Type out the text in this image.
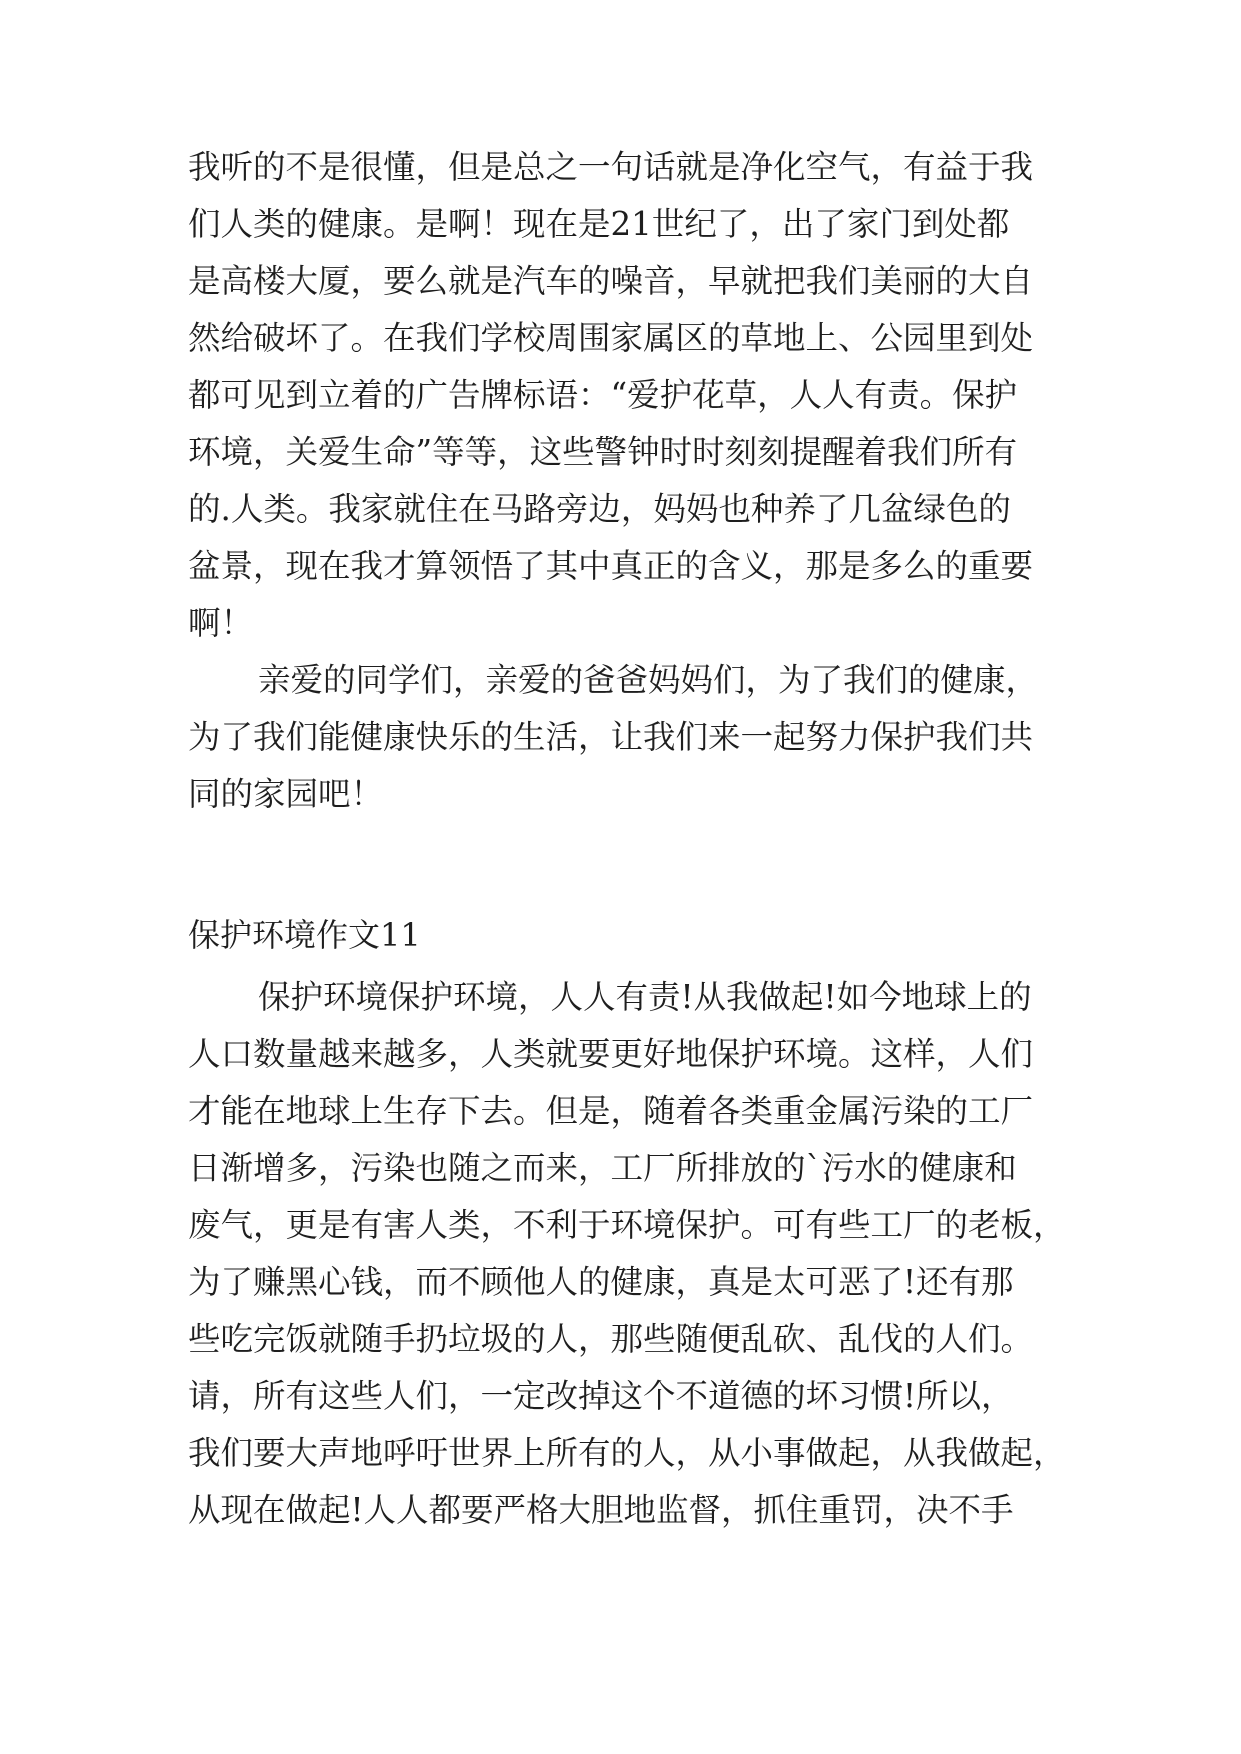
我听的不是很懂，但是总之一句话就是净化空气，有益于我
们人类的健康。是啊！现在是21世纪了，出了家门到处都
是高楼大厦，要么就是汽车的噪音，早就把我们美丽的大自
然给破坏了。在我们学校周围家属区的草地上、公园里到处
都可见到立着的广告牌标语：“爱护花草，人人有责。保护
环境，关爱生命”等等，这些警钟时时刻刻提醒着我们所有
的.人类。我家就住在马路旁边，妈妈也种养了几盆绿色的
盆景，现在我才算领悟了其中真正的含义，那是多么的重要
啊！
亲爱的同学们，亲爱的爸爸妈妈们，为了我们的健康，
为了我们能健康快乐的生活，让我们来一起努力保护我们共
同的家园吧！
保护环境作文11
保护环境保护环境，人人有责!从我做起!如今地球上的
人口数量越来越多，人类就要更好地保护环境。这样，人们
才能在地球上生存下去。但是，随着各类重金属污染的工厂
日渐增多，污染也随之而来，工厂所排放的`污水的健康和
废气，更是有害人类，不利于环境保护。可有些工厂的老板，
为了赚黑心钱，而不顾他人的健康，真是太可恶了!还有那
些吃完饭就随手扔垃圾的人，那些随便乱砍、乱伐的人们。
请，所有这些人们，一定改掉这个不道德的坏习惯!所以，
我们要大声地呼吁世界上所有的人，从小事做起，从我做起，
从现在做起!人人都要严格大胆地监督，抓住重罚，决不手
